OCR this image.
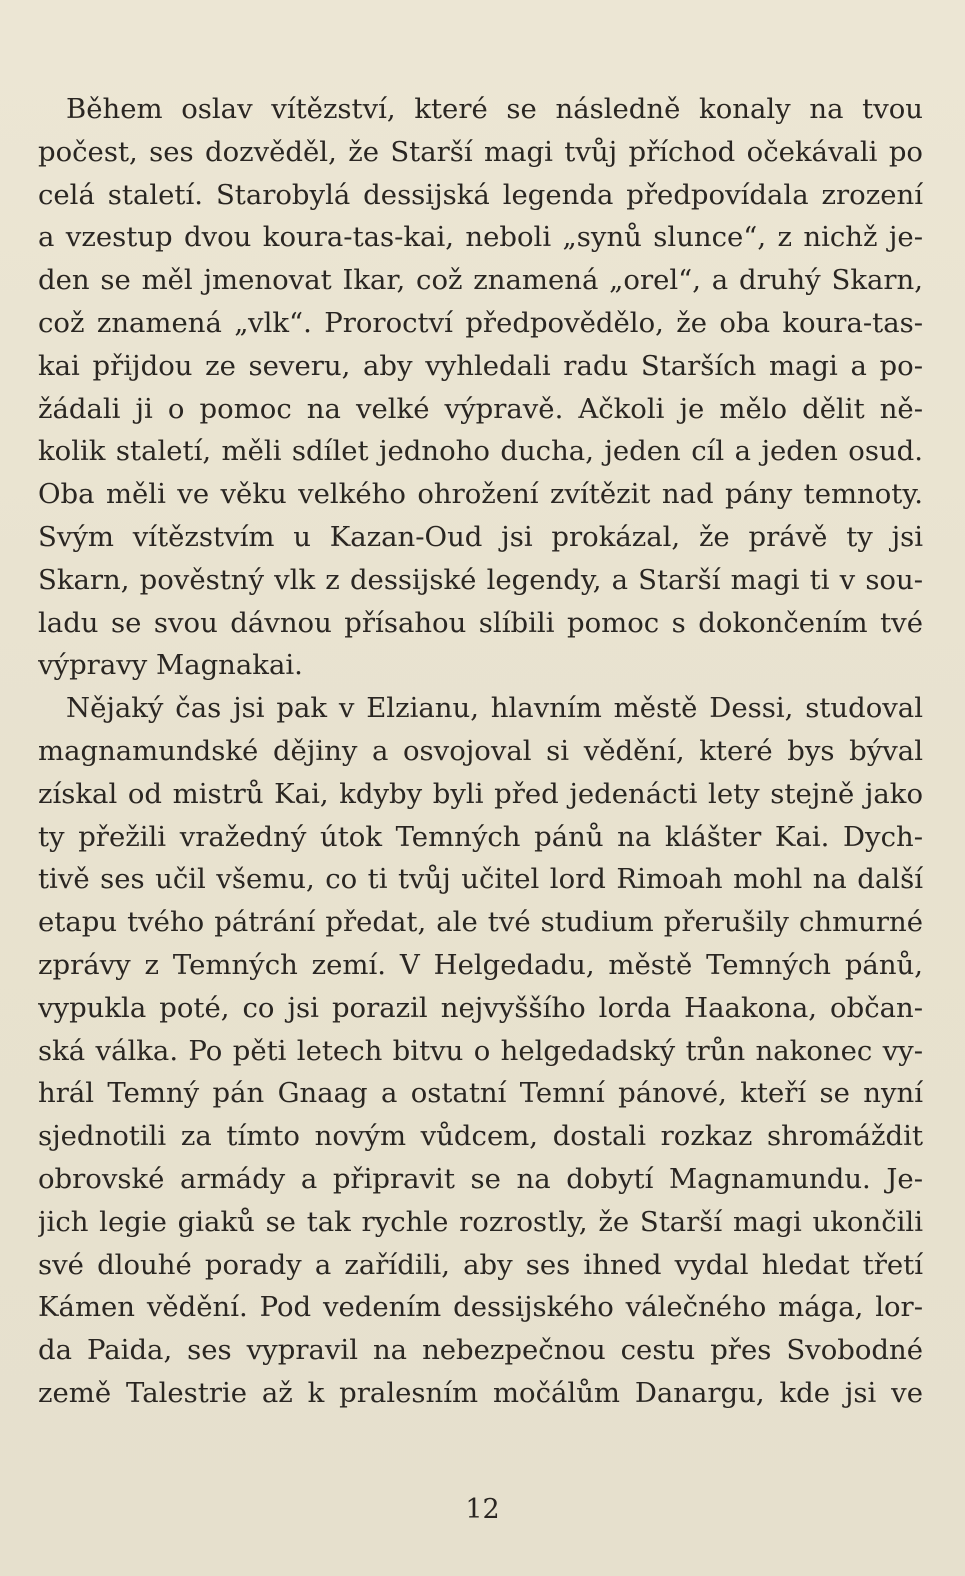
Během oslav vítězství, které se následně konaly na tvou
počest, ses dozvěděl, že Starší magi tvůj příchod očekávali po
celá staletí. Starobylá dessijská legenda předpovídala zrození
a vzestup dvou koura-tas-kai, neboli „synů slunce“, z nichž je-
den se měl jmenovat Ikar, což znamená „orel“, a druhý Skarn,
což znamená „vlk“. Proroctví předpovědělo, že oba koura-tas-
kai přijdou ze severu, aby vyhledali radu Starších magi a po-
žádali ji o pomoc na velké výpravě. Ačkoli je mělo dělit ně-
kolik staletí, měli sdílet jednoho ducha, jeden cíl a jeden osud.
Oba měli ve věku velkého ohrožení zvítězit nad pány temnoty.
Svým vítězstvím u Kazan-Oud jsi prokázal, že právě ty jsi
Skarn, pověstný vlk z dessijské legendy, a Starší magi ti v sou-
ladu se svou dávnou přísahou slíbili pomoc s dokončením tvé
výpravy Magnakai.
Nějaký čas jsi pak v Elzianu, hlavním městě Dessi, studoval
magnamundské dějiny a osvojoval si vědění, které bys býval
získal od mistrů Kai, kdyby byli před jedenácti lety stejně jako
ty přežili vražedný útok Temných pánů na klášter Kai. Dych-
tivě ses učil všemu, co ti tvůj učitel lord Rimoah mohl na další
etapu tvého pátrání předat, ale tvé studium přerušily chmurné
zprávy z Temných zemí. V Helgedadu, městě Temných pánů,
vypukla poté, co jsi porazil nejvyššího lorda Haakona, občan-
ská válka. Po pěti letech bitvu o helgedadský trůn nakonec vy-
hrál Temný pán Gnaag a ostatní Temní pánové, kteří se nyní
sjednotili za tímto novým vůdcem, dostali rozkaz shromáždit
obrovské armády a připravit se na dobytí Magnamundu. Je-
jich legie giaků se tak rychle rozrostly, že Starší magi ukončili
své dlouhé porady a zařídili, aby ses ihned vydal hledat třetí
Kámen vědění. Pod vedením dessijského válečného mága, lor-
da Paida, ses vypravil na nebezpečnou cestu přes Svobodné
země Talestrie až k pralesním močálům Danargu, kde jsi ve
12
